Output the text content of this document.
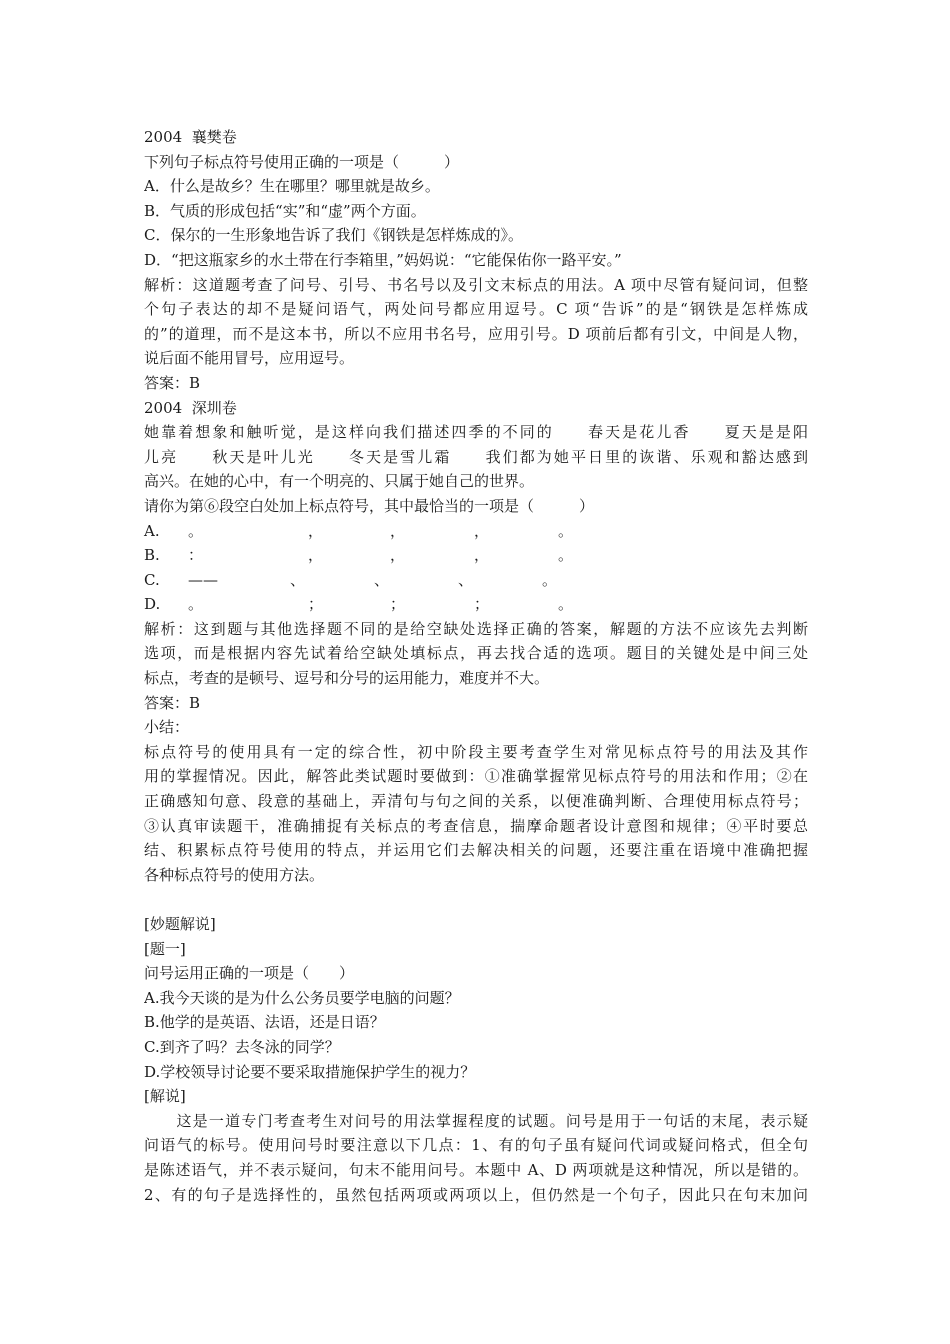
2004  襄樊卷
下列句子标点符号使用正确的一项是（　　　）
A．什么是故乡？生在哪里？哪里就是故乡。
B．气质的形成包括“实”和“虚”两个方面。
C．保尔的一生形象地告诉了我们《钢铁是怎样炼成的》。
D．“把这瓶家乡的水土带在行李箱里，”妈妈说：“它能保佑你一路平安。”
解析：这道题考查了问号、引号、书名号以及引文末标点的用法。A 项中尽管有疑问词，但整
个句子表达的却不是疑问语气，两处问号都应用逗号。C 项“告诉”的是“钢铁是怎样炼成
的”的道理，而不是这本书，所以不应用书名号，应用引号。D 项前后都有引文，中间是人物，
说后面不能用冒号，应用逗号。
答案：B
2004  深圳卷
她靠着想象和触听觉，是这样向我们描述四季的不同的　　春天是花儿香　　夏天是是阳
儿亮　　秋天是叶儿光　　冬天是雪儿霜　　我们都为她平日里的诙谐、乐观和豁达感到
高兴。在她的心中，有一个明亮的、只属于她自己的世界。
请你为第⑥段空白处加上标点符号，其中最恰当的一项是（　　　）
A. 。	，	，	，	。
B. ：	，	，	，	。
C. ——	、	、	、	。
D. 。	；	；	；	。
解析：这到题与其他选择题不同的是给空缺处选择正确的答案，解题的方法不应该先去判断
选项，而是根据内容先试着给空缺处填标点，再去找合适的选项。题目的关键处是中间三处
标点，考查的是顿号、逗号和分号的运用能力，难度并不大。
答案：B
小结：
标点符号的使用具有一定的综合性，初中阶段主要考查学生对常见标点符号的用法及其作
用的掌握情况。因此，解答此类试题时要做到：①准确掌握常见标点符号的用法和作用；②在
正确感知句意、段意的基础上，弄清句与句之间的关系，以便准确判断、合理使用标点符号；
③认真审读题干，准确捕捉有关标点的考查信息，揣摩命题者设计意图和规律；④平时要总
结、积累标点符号使用的特点，并运用它们去解决相关的问题，还要注重在语境中准确把握
各种标点符号的使用方法。
[妙题解说]
[题一]
问号运用正确的一项是（　　）
A.我今天谈的是为什么公务员要学电脑的问题？
B.他学的是英语、法语，还是日语？
C.到齐了吗？去冬泳的同学？
D.学校领导讨论要不要采取措施保护学生的视力？
[解说]
　　这是一道专门考查考生对问号的用法掌握程度的试题。问号是用于一句话的末尾，表示疑
问语气的标号。使用问号时要注意以下几点：1、有的句子虽有疑问代词或疑问格式，但全句
是陈述语气，并不表示疑问，句末不能用问号。本题中 A、D 两项就是这种情况，所以是错的。
2、有的句子是选择性的，虽然包括两项或两项以上，但仍然是一个句子，因此只在句末加问
